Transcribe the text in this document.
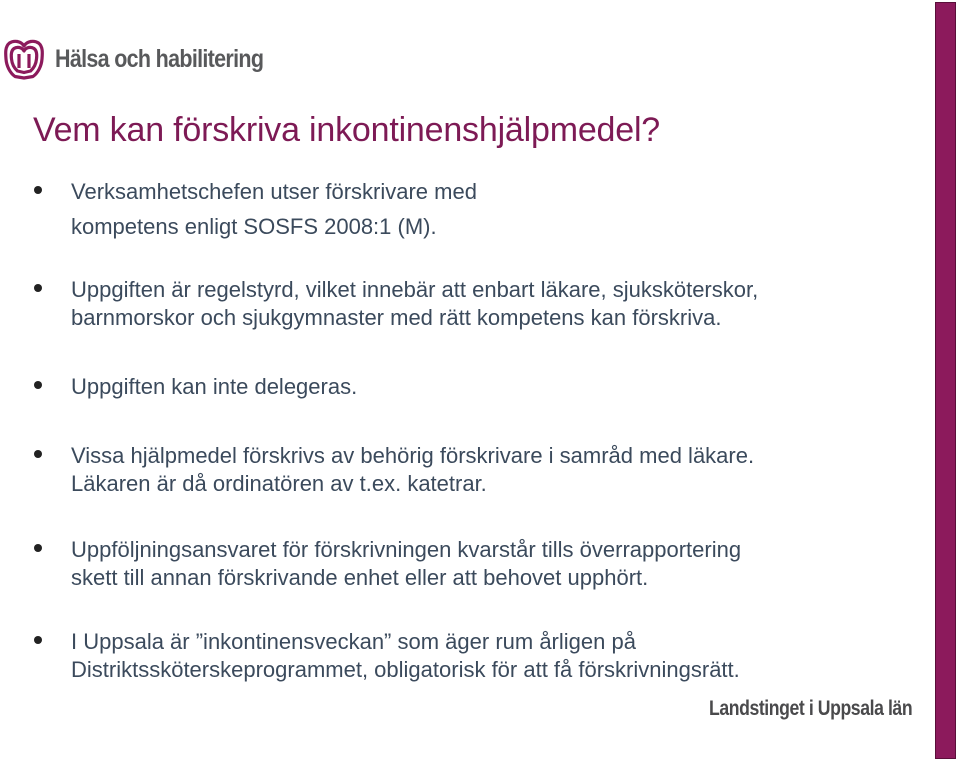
Hälsa och habilitering
Vem kan förskriva inkontinenshjälpmedel?
Verksamhetschefen utser förskrivare med
kompetens enligt SOSFS 2008:1 (M).
Uppgiften är regelstyrd, vilket innebär att enbart läkare, sjuksköterskor,
barnmorskor och sjukgymnaster med rätt kompetens kan förskriva.
Uppgiften kan inte delegeras.
Vissa hjälpmedel förskrivs av behörig förskrivare i samråd med läkare.
Läkaren är då ordinatören av t.ex. katetrar.
Uppföljningsansvaret för förskrivningen kvarstår tills överrapportering
skett till annan förskrivande enhet eller att behovet upphört.
I Uppsala är ”inkontinensveckan” som äger rum årligen på
Distriktssköterskeprogrammet, obligatorisk för att få förskrivningsrätt.
Landstinget i Uppsala län
